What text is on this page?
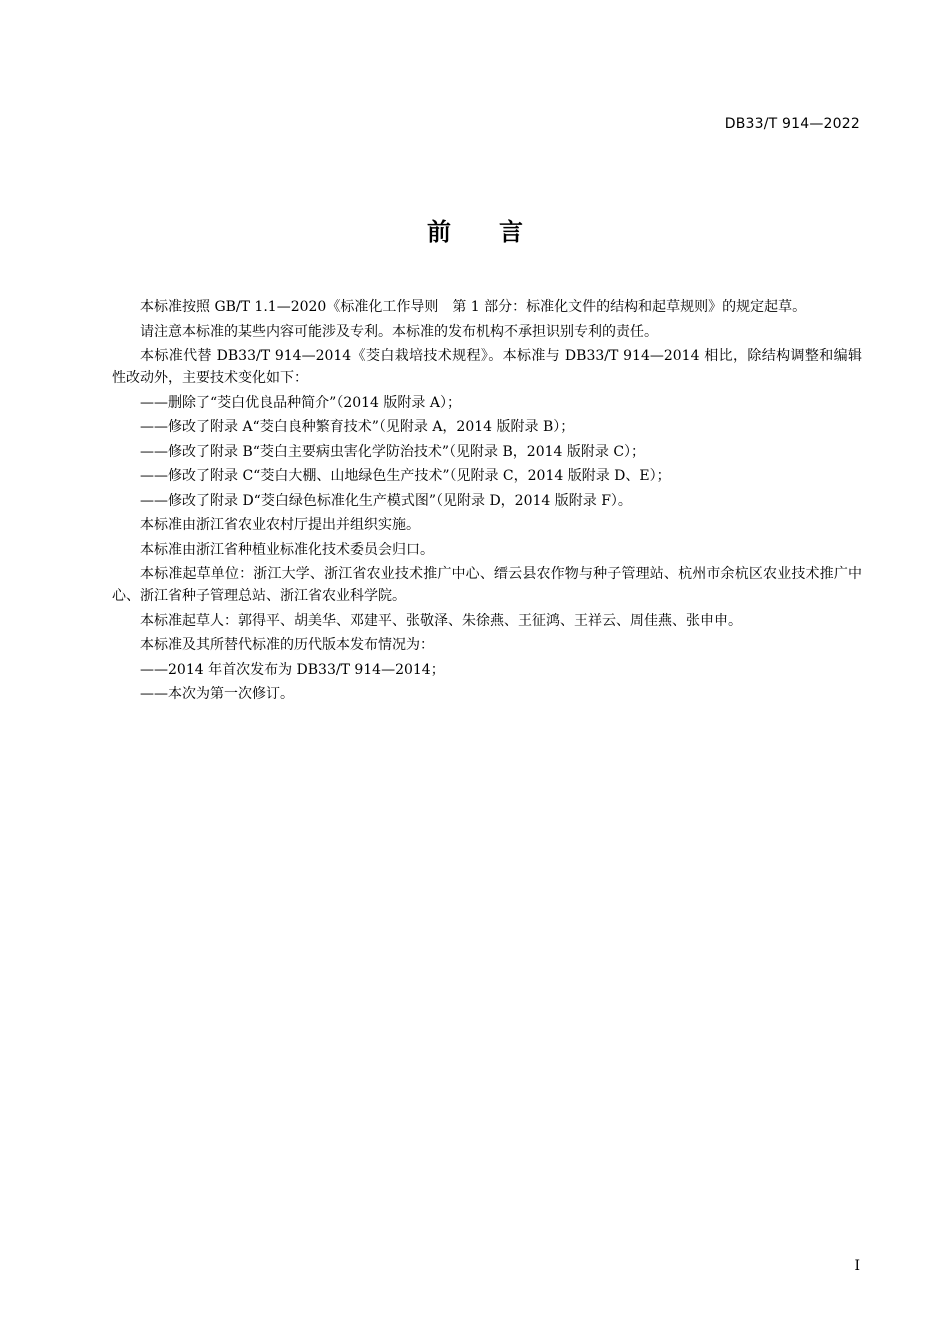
DB33/T 914—2022
前 言

本标准按照 GB/T 1.1—2020《标准化工作导则　第 1 部分：标准化文件的结构和起草规则》的规定起草。

请注意本标准的某些内容可能涉及专利。本标准的发布机构不承担识别专利的责任。

本标准代替 DB33/T 914—2014《茭白栽培技术规程》。本标准与 DB33/T 914—2014 相比，除结构调整和编辑性改动外，主要技术变化如下：

——删除了“茭白优良品种简介”（2014 版附录 A）；

——修改了附录 A“茭白良种繁育技术”（见附录 A，2014 版附录 B）；

——修改了附录 B“茭白主要病虫害化学防治技术”（见附录 B，2014 版附录 C）；

——修改了附录 C“茭白大棚、山地绿色生产技术”（见附录 C，2014 版附录 D、E）；

——修改了附录 D“茭白绿色标准化生产模式图”（见附录 D，2014 版附录 F）。

本标准由浙江省农业农村厅提出并组织实施。

本标准由浙江省种植业标准化技术委员会归口。

本标准起草单位：浙江大学、浙江省农业技术推广中心、缙云县农作物与种子管理站、杭州市余杭区农业技术推广中心、浙江省种子管理总站、浙江省农业科学院。

本标准起草人：郭得平、胡美华、邓建平、张敬泽、朱徐燕、王征鸿、王祥云、周佳燕、张申申。

本标准及其所替代标准的历代版本发布情况为：

——2014 年首次发布为 DB33/T 914—2014；

——本次为第一次修订。

I
